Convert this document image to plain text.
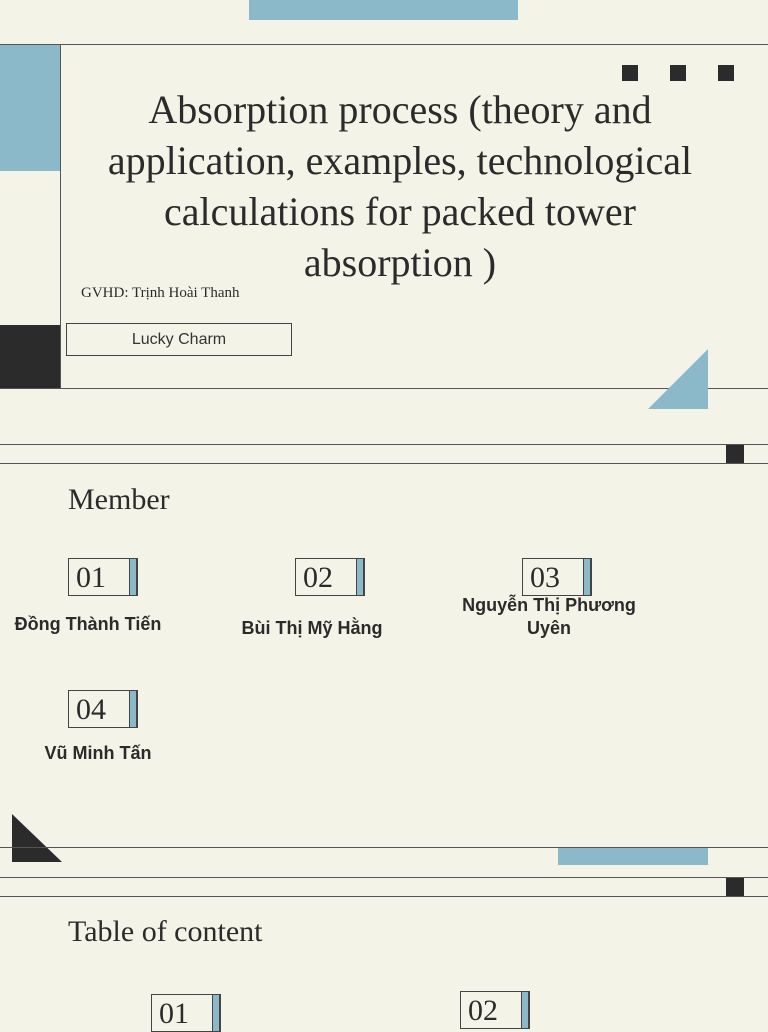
Absorption process (theory and application, examples, technological calculations for packed tower absorption )
GVHD: Trịnh Hoài Thanh
Lucky Charm
Member
01
Đồng Thành Tiến
02
Bùi Thị Mỹ Hằng
03
Nguyễn Thị Phương Uyên
04
Vũ Minh Tấn
Table of content
01	02
